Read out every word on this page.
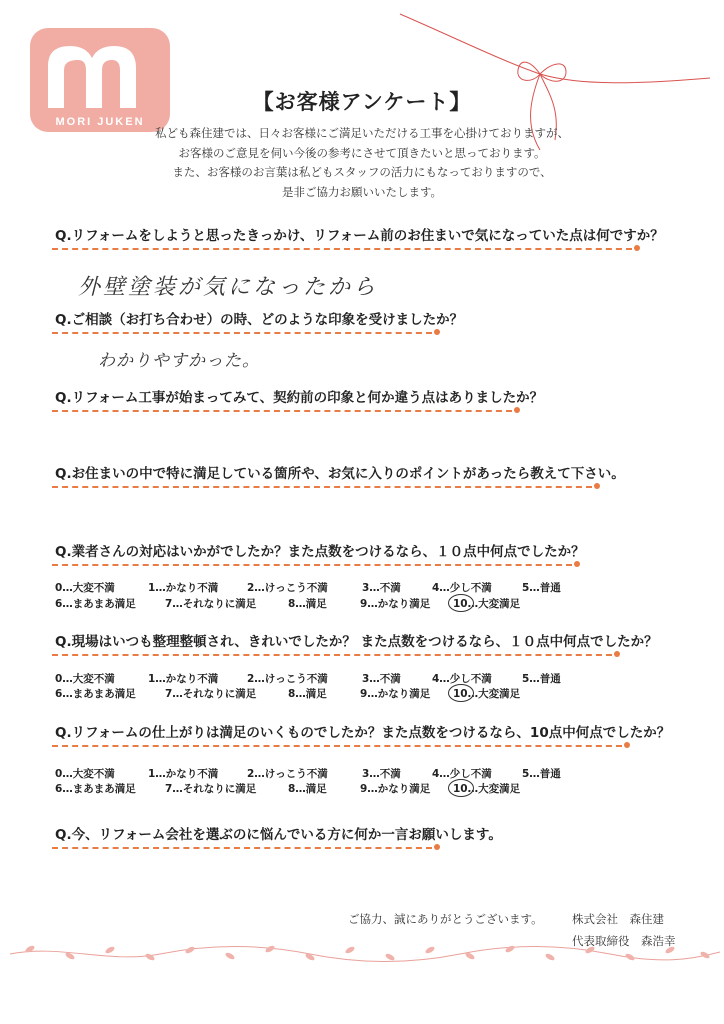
MORI JUKEN
【お客様アンケート】
私ども森住建では、日々お客様にご満足いただける工事を心掛けておりますが、
お客様のご意見を伺い今後の参考にさせて頂きたいと思っております。
また、お客様のお言葉は私どもスタッフの活力にもなっておりますので、
是非ご協力お願いいたします。
Q.リフォームをしようと思ったきっかけ、リフォーム前のお住まいで気になっていた点は何ですか？
外壁塗装が気になったから
Q.ご相談（お打ち合わせ）の時、どのような印象を受けましたか？
わかりやすかった。
Q.リフォーム工事が始まってみて、契約前の印象と何か違う点はありましたか？
Q.お住まいの中で特に満足している箇所や、お気に入りのポイントがあったら教えて下さい。
Q.業者さんの対応はいかがでしたか？また点数をつけるなら、１０点中何点でしたか？
0…大変不満	1…かなり不満	2…けっこう不満	3…不満	4…少し不満	5…普通
6…まあまあ満足	7…それなりに満足	8…満足	9…かなり満足 10…大変満足
Q.現場はいつも整理整頓され、きれいでしたか？ また点数をつけるなら、１０点中何点でしたか？
0…大変不満	1…かなり不満	2…けっこう不満	3…不満	4…少し不満	5…普通
6…まあまあ満足	7…それなりに満足	8…満足	9…かなり満足 10…大変満足
Q.リフォームの仕上がりは満足のいくものでしたか？また点数をつけるなら、10点中何点でしたか？
0…大変不満	1…かなり不満	2…けっこう不満	3…不満	4…少し不満	5…普通
6…まあまあ満足	7…それなりに満足	8…満足	9…かなり満足 10…大変満足
Q.今、リフォーム会社を選ぶのに悩んでいる方に何か一言お願いします。
ご協力、誠にありがとうございます。	株式会社　森住建
代表取締役　森浩幸
